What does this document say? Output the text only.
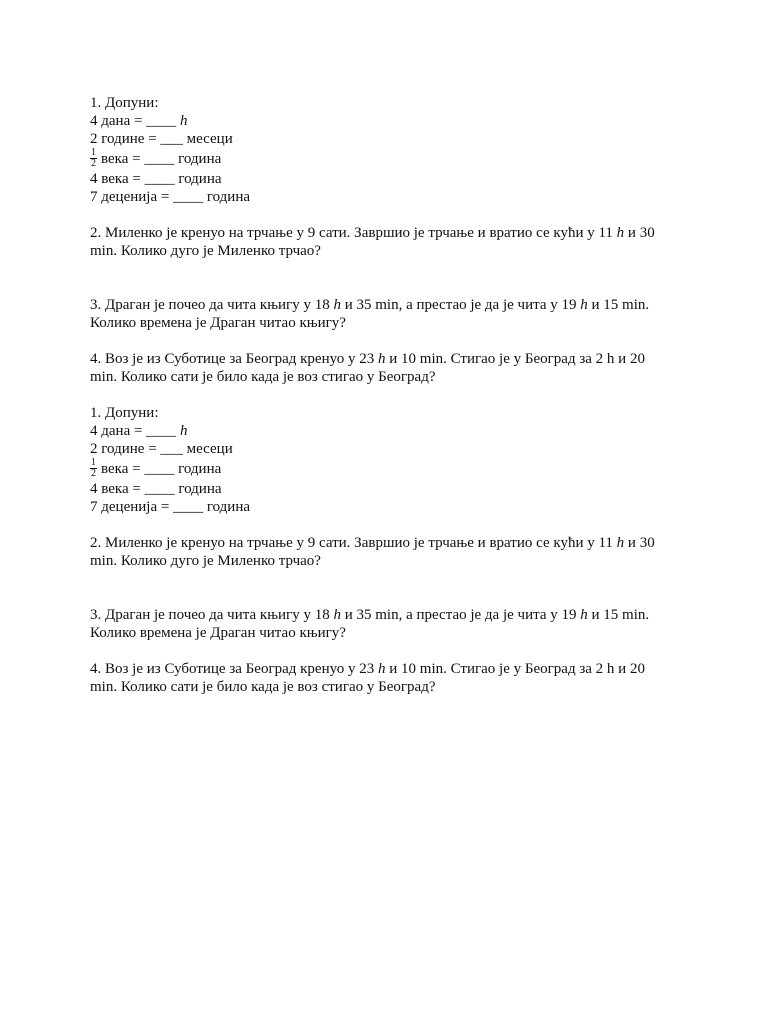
1. Допуни:
4 дана = ____ h
2 године = ___ месеци
$\frac{1}{2}$ века = ____ година
4 века = ____ година
7 деценија = ____ година

2. Миленко је кренуо на трчање у 9 сати. Завршио је трчање и вратио се кући у 11 h и 30 min. Колико дуго је Миленко трчао?

3. Драган је почео да чита књигу у 18 h и 35 min, а престао је да је чита у 19 h и 15 min. Колико времена је Драган читао књигу?

4. Воз је из Суботице за Београд кренуо у 23 h и 10 min. Стигао је у Београд за 2 h и 20 min. Колико сати је било када је воз стигао у Београд?

1. Допуни:
4 дана = ____ h
2 године = ___ месеци
$\frac{1}{2}$ века = ____ година
4 века = ____ година
7 деценија = ____ година

2. Миленко је кренуо на трчање у 9 сати. Завршио је трчање и вратио се кући у 11 h и 30 min. Колико дуго је Миленко трчао?

3. Драган је почео да чита књигу у 18 h и 35 min, а престао је да је чита у 19 h и 15 min. Колико времена је Драган читао књигу?

4. Воз је из Суботице за Београд кренуо у 23 h и 10 min. Стигао је у Београд за 2 h и 20 min. Колико сати је било када је воз стигао у Београд?
